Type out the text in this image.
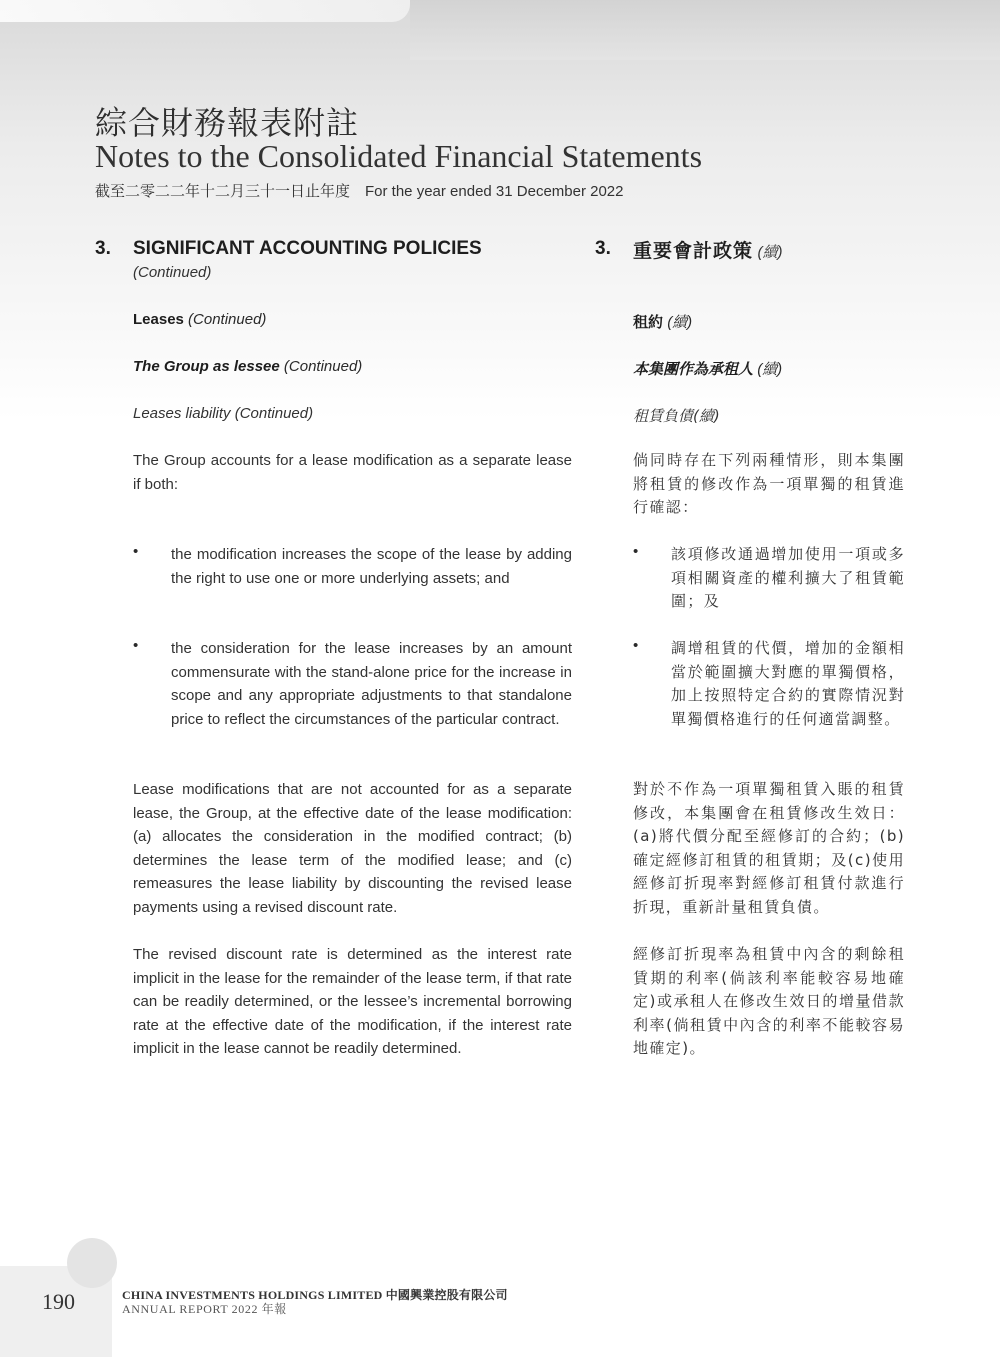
綜合財務報表附註
Notes to the Consolidated Financial Statements
截至二零二二年十二月三十一日止年度　For the year ended 31 December 2022
3. SIGNIFICANT ACCOUNTING POLICIES
(Continued)
Leases (Continued)
The Group as lessee (Continued)
Leases liability (Continued)
The Group accounts for a lease modification as a separate lease if both:
• the modification increases the scope of the lease by adding the right to use one or more underlying assets; and
• the consideration for the lease increases by an amount commensurate with the stand-alone price for the increase in scope and any appropriate adjustments to that standalone price to reflect the circumstances of the particular contract.
Lease modifications that are not accounted for as a separate lease, the Group, at the effective date of the lease modification: (a) allocates the consideration in the modified contract; (b) determines the lease term of the modified lease; and (c) remeasures the lease liability by discounting the revised lease payments using a revised discount rate.
The revised discount rate is determined as the interest rate implicit in the lease for the remainder of the lease term, if that rate can be readily determined, or the lessee’s incremental borrowing rate at the effective date of the modification, if the interest rate implicit in the lease cannot be readily determined.
3. 重要會計政策 (續)
租約 (續)
本集團作為承租人 (續)
租賃負債(續)
倘同時存在下列兩種情形，則本集團將租賃的修改作為一項單獨的租賃進行確認：
• 該項修改通過增加使用一項或多項相關資產的權利擴大了租賃範圍；及
• 調增租賃的代價，增加的金額相當於範圍擴大對應的單獨價格，加上按照特定合約的實際情況對單獨價格進行的任何適當調整。
對於不作為一項單獨租賃入賬的租賃修改，本集團會在租賃修改生效日：(a)將代價分配至經修訂的合約；(b)確定經修訂租賃的租賃期；及(c)使用經修訂折現率對經修訂租賃付款進行折現，重新計量租賃負債。
經修訂折現率為租賃中內含的剩餘租賃期的利率(倘該利率能較容易地確定)或承租人在修改生效日的增量借款利率(倘租賃中內含的利率不能較容易地確定)。
190	CHINA INVESTMENTS HOLDINGS LIMITED 中國興業控股有限公司
ANNUAL REPORT 2022 年報
